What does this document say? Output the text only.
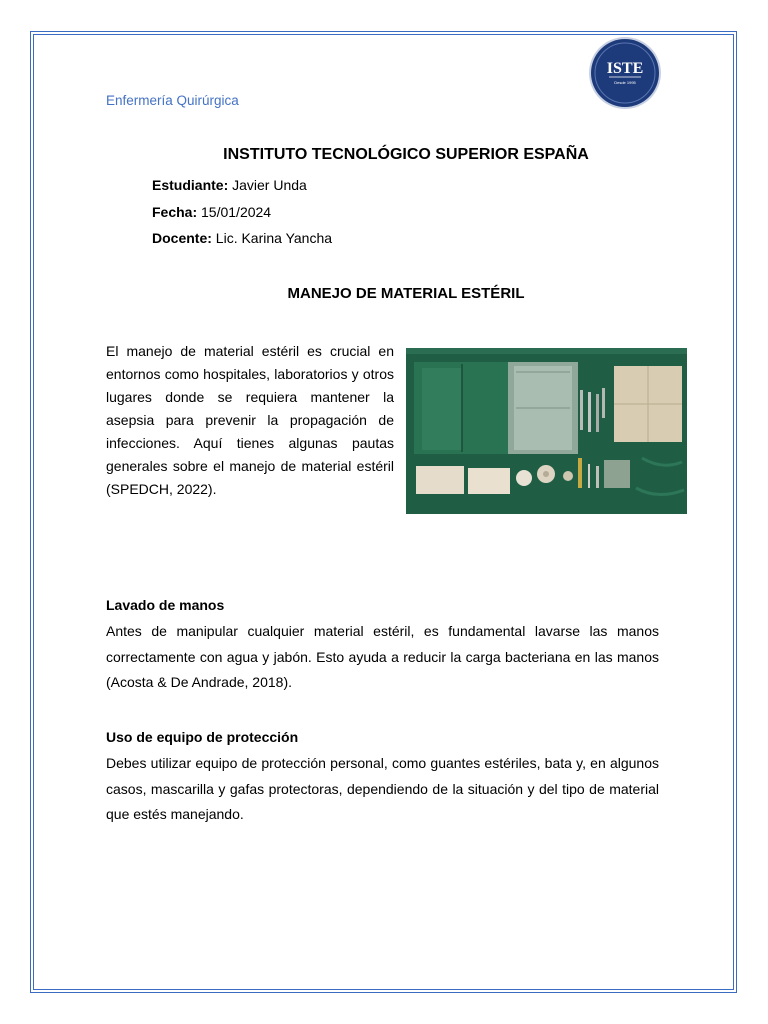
ISTE
Desde 1995
Enfermería Quirúrgica
INSTITUTO TECNOLÓGICO SUPERIOR ESPAÑA
Estudiante: Javier Unda
Fecha: 15/01/2024
Docente: Lic. Karina Yancha
MANEJO DE MATERIAL ESTÉRIL
El manejo de material estéril es crucial en entornos como hospitales, laboratorios y otros lugares donde se requiera mantener la asepsia para prevenir la propagación de infecciones. Aquí tienes algunas pautas generales sobre el manejo de material estéril (SPEDCH, 2022).
Lavado de manos
Antes de manipular cualquier material estéril, es fundamental lavarse las manos correctamente con agua y jabón. Esto ayuda a reducir la carga bacteriana en las manos (Acosta & De Andrade, 2018).
Uso de equipo de protección
Debes utilizar equipo de protección personal, como guantes estériles, bata y, en algunos casos, mascarilla y gafas protectoras, dependiendo de la situación y del tipo de material que estés manejando.
